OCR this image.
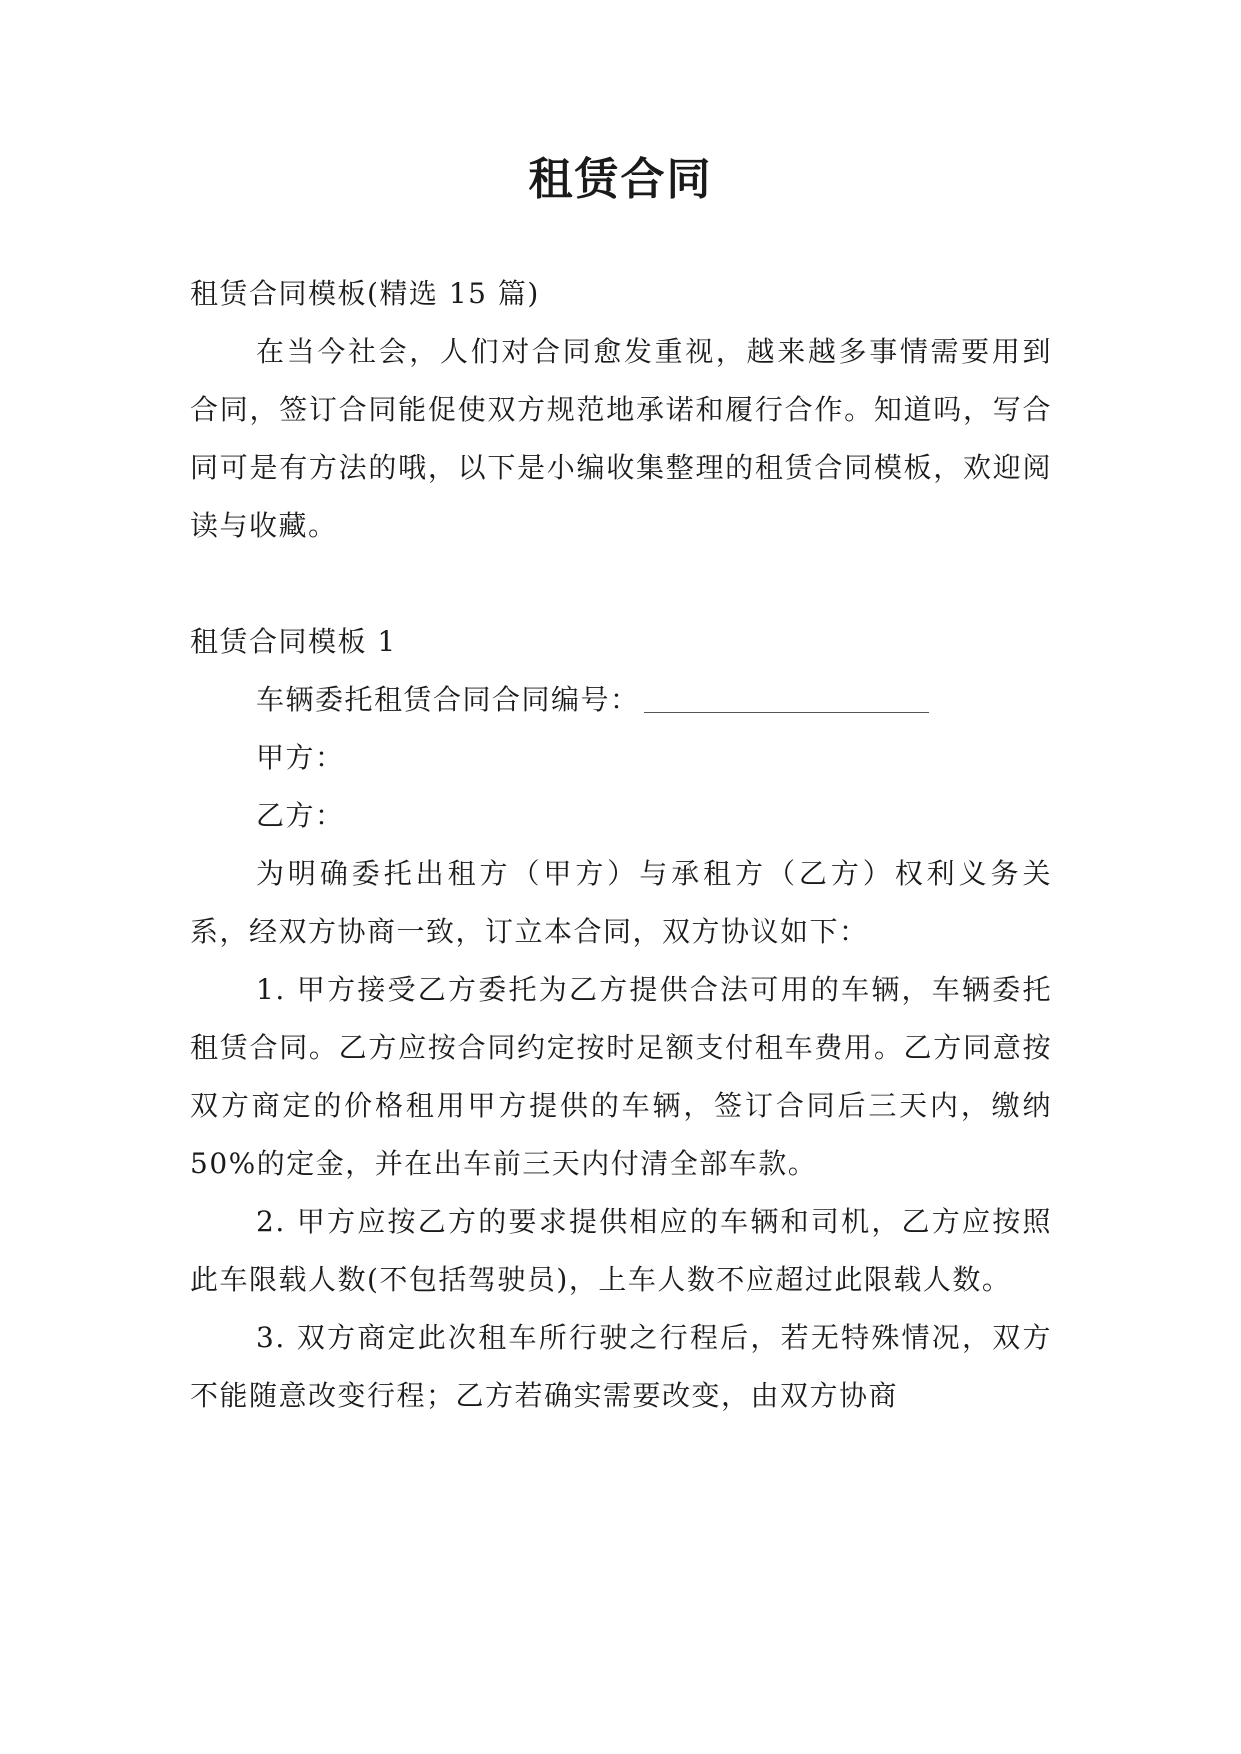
租赁合同

租赁合同模板(精选 15 篇)

在当今社会，人们对合同愈发重视，越来越多事情需要用到合同，签订合同能促使双方规范地承诺和履行合作。知道吗，写合同可是有方法的哦，以下是小编收集整理的租赁合同模板，欢迎阅读与收藏。

租赁合同模板 1

车辆委托租赁合同合同编号：

甲方：

乙方：

为明确委托出租方（甲方）与承租方（乙方）权利义务关系，经双方协商一致，订立本合同，双方协议如下：

1. 甲方接受乙方委托为乙方提供合法可用的车辆，车辆委托租赁合同。乙方应按合同约定按时足额支付租车费用。乙方同意按双方商定的价格租用甲方提供的车辆，签订合同后三天内，缴纳 50%的定金，并在出车前三天内付清全部车款。

2. 甲方应按乙方的要求提供相应的车辆和司机，乙方应按照此车限载人数(不包括驾驶员)，上车人数不应超过此限载人数。

3. 双方商定此次租车所行驶之行程后，若无特殊情况，双方不能随意改变行程；乙方若确实需要改变，由双方协商
